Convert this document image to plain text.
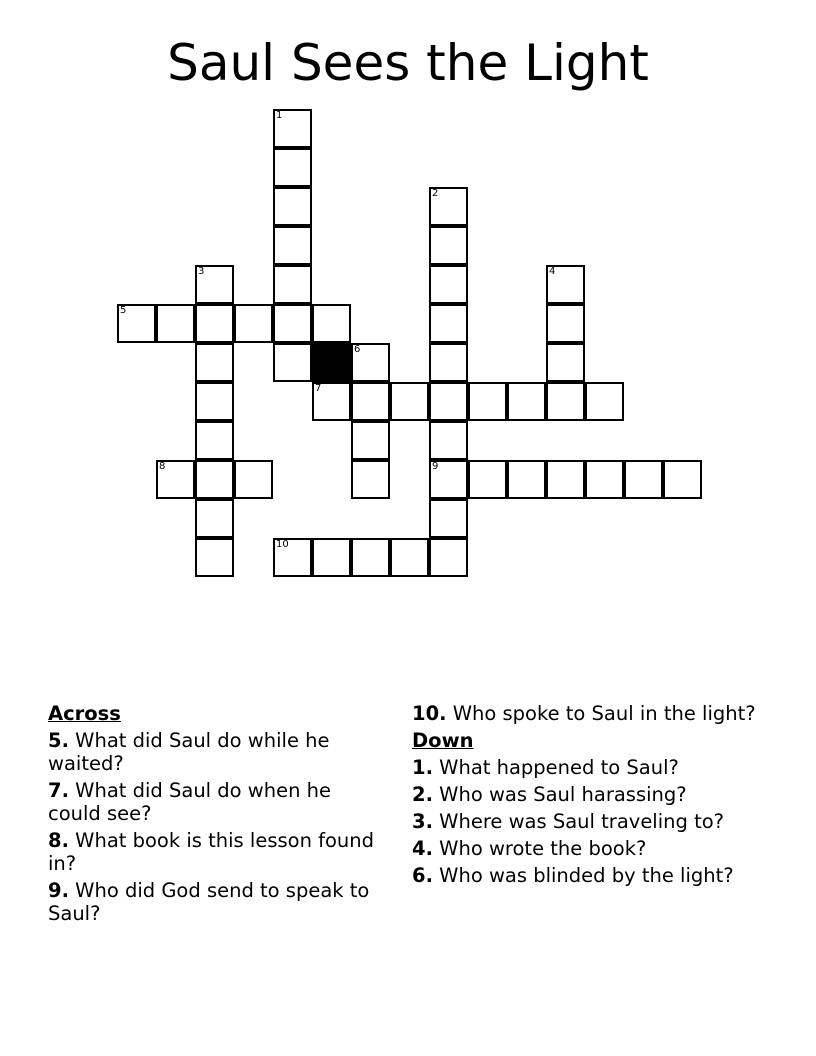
Saul Sees the Light
1
2
9
3	4
5
6
7
8
10
Across
5. What did Saul do while he waited?
7. What did Saul do when he could see?
8. What book is this lesson found in?
9. Who did God send to speak to Saul?
10. Who spoke to Saul in the light?
Down
1. What happened to Saul?
2. Who was Saul harassing?
3. Where was Saul traveling to?
4. Who wrote the book?
6. Who was blinded by the light?
